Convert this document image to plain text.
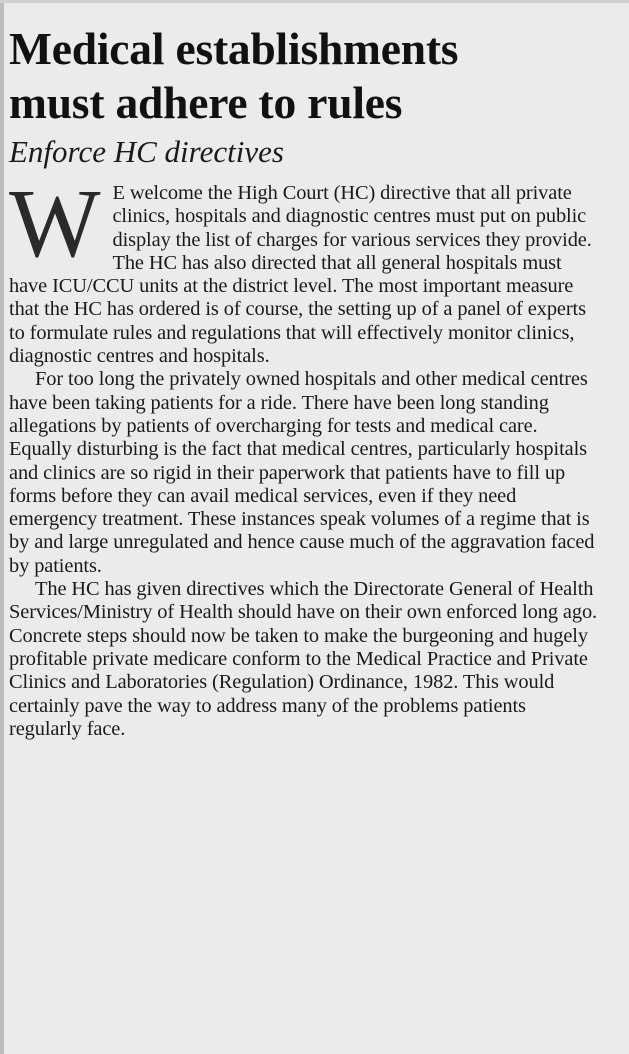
Medical establishments
must adhere to rules
Enforce HC directives

W E welcome the High Court (HC) directive that all private clinics, hospitals and diagnostic centres must put on public display the list of charges for various services they provide. The HC has also directed that all general hospitals must have ICU/CCU units at the district level. The most important measure that the HC has ordered is of course, the setting up of a panel of experts to formulate rules and regulations that will effectively monitor clinics, diagnostic centres and hospitals.

For too long the privately owned hospitals and other medical centres have been taking patients for a ride. There have been long standing allegations by patients of overcharging for tests and medical care. Equally disturbing is the fact that medical centres, particularly hospitals and clinics are so rigid in their paperwork that patients have to fill up forms before they can avail medical services, even if they need emergency treatment. These instances speak volumes of a regime that is by and large unregulated and hence cause much of the aggravation faced by patients.

The HC has given directives which the Directorate General of Health Services/Ministry of Health should have on their own enforced long ago. Concrete steps should now be taken to make the burgeoning and hugely profitable private medicare conform to the Medical Practice and Private Clinics and Laboratories (Regulation) Ordinance, 1982. This would certainly pave the way to address many of the problems patients regularly face.
